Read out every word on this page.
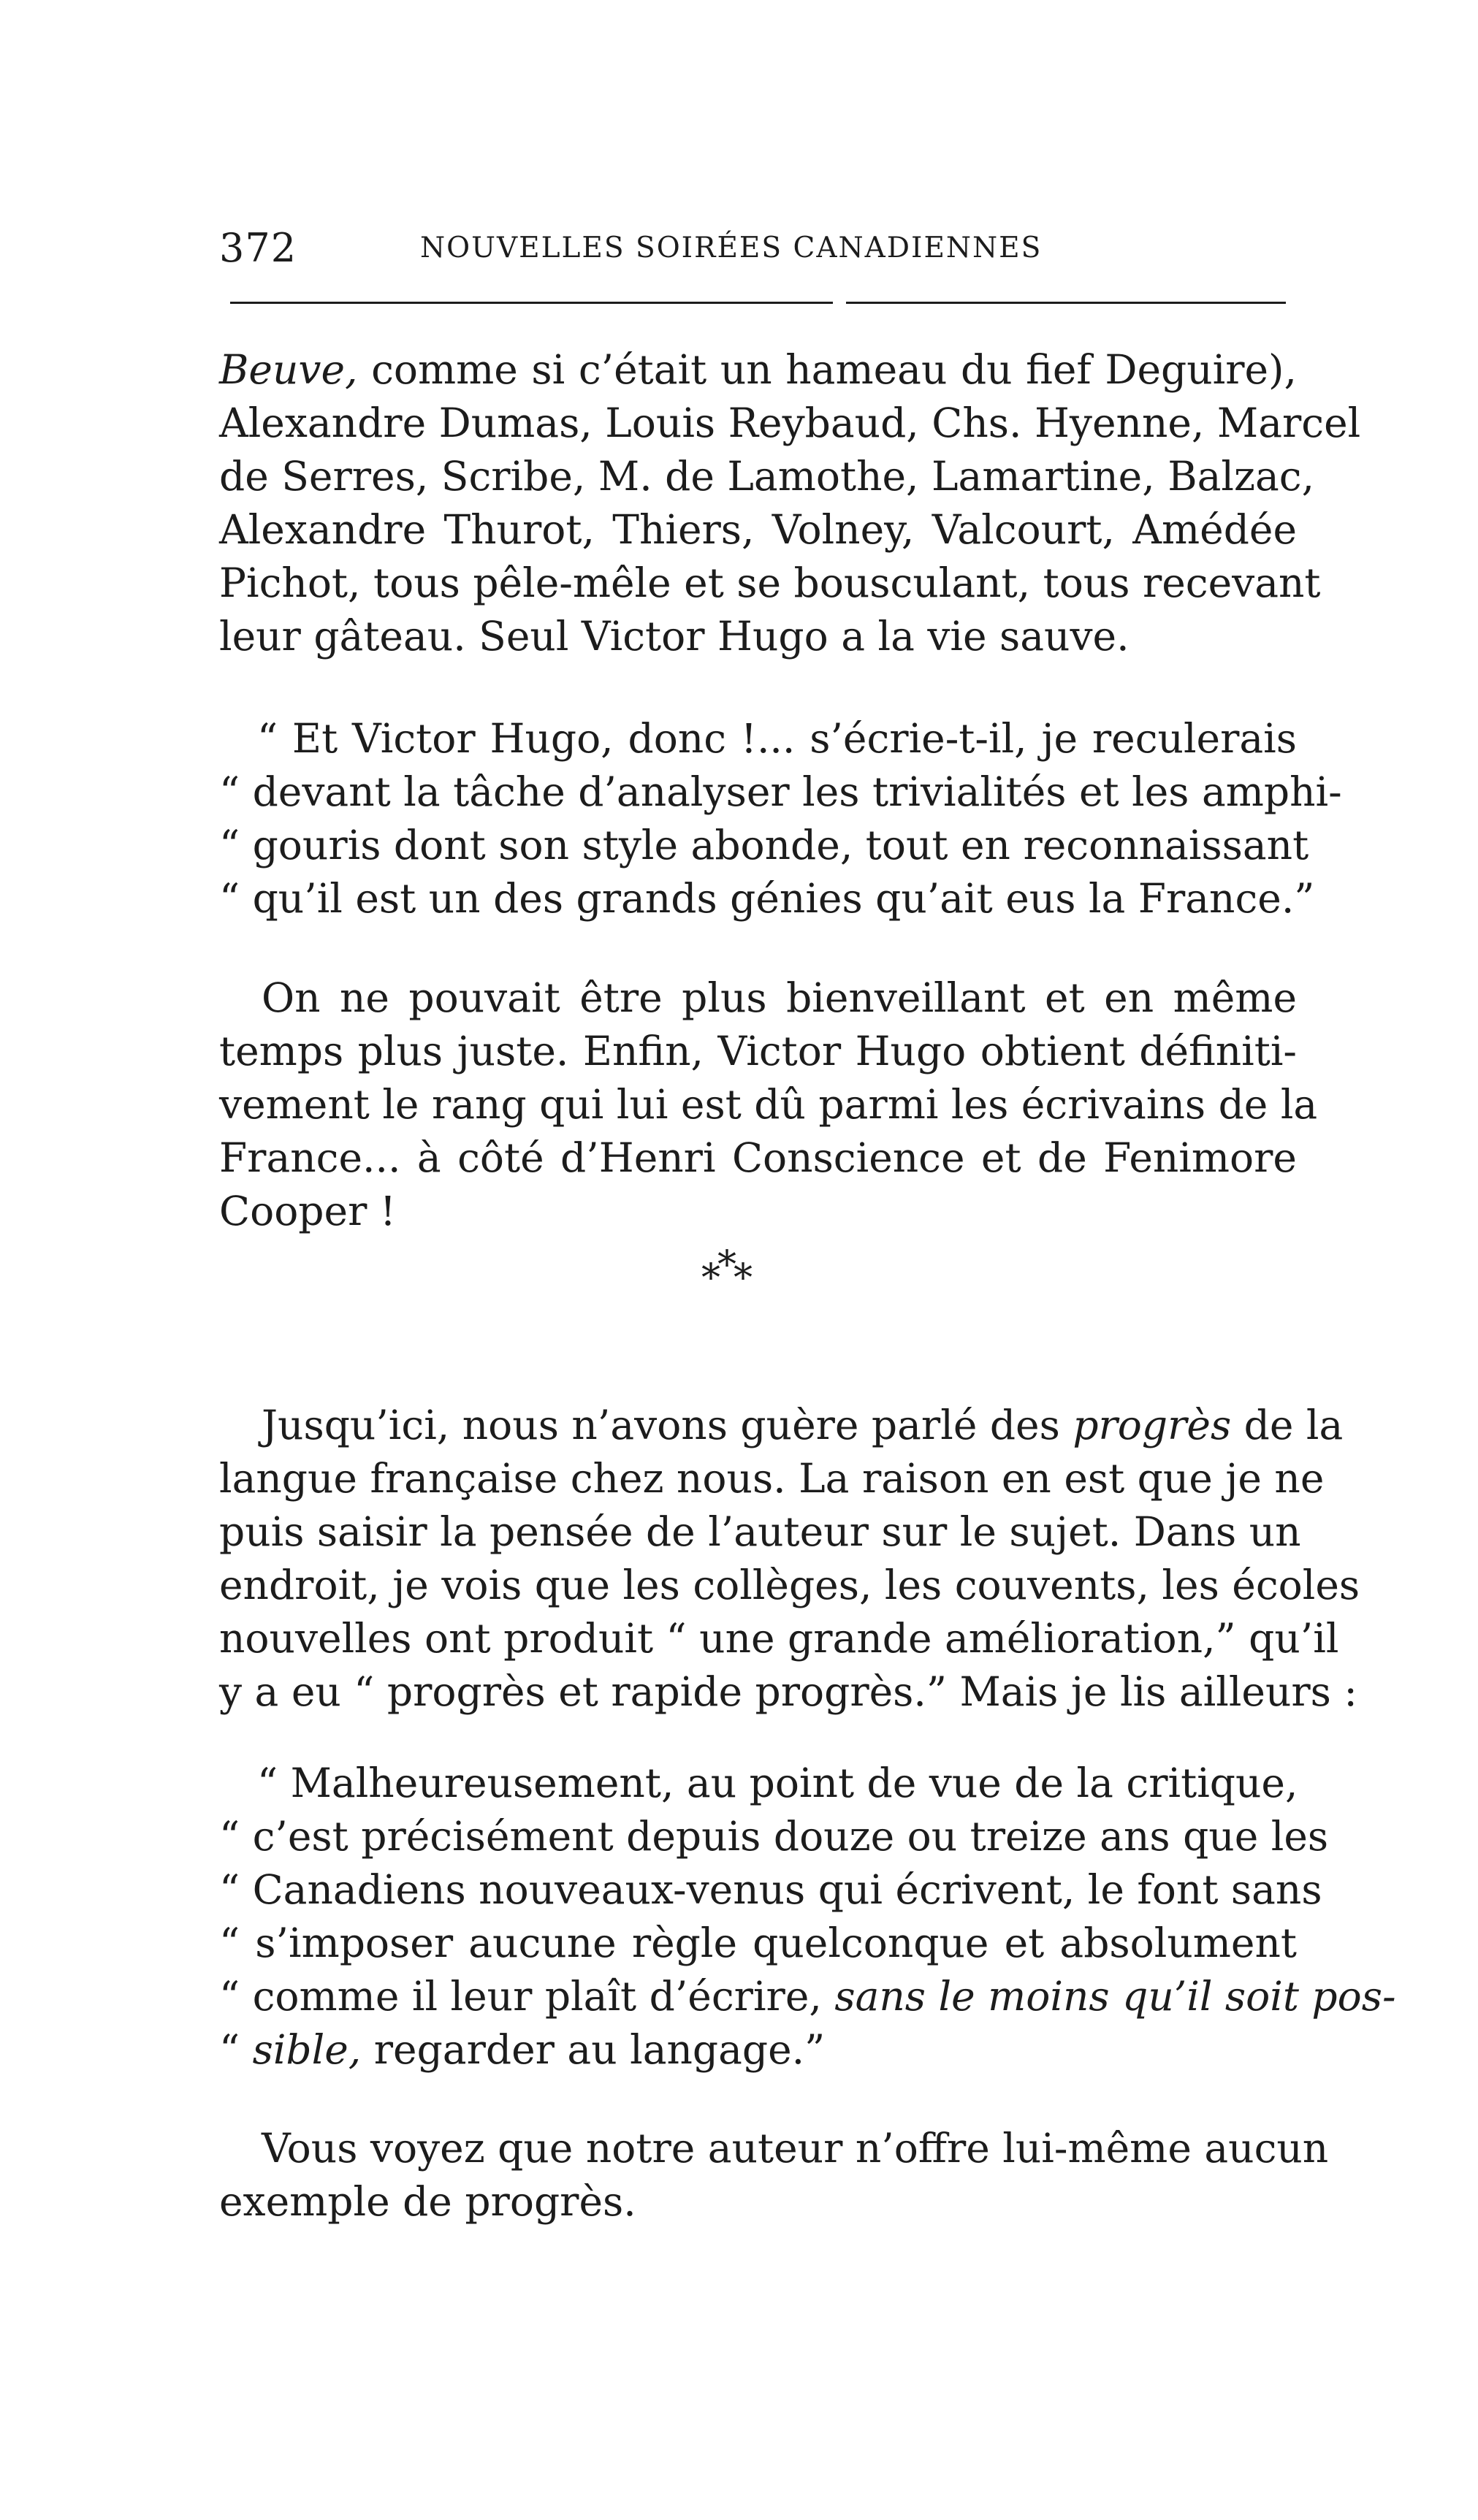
372	NOUVELLES SOIRÉES CANADIENNES

Beuve, comme si c’était un hameau du fief Deguire),
Alexandre Dumas, Louis Reybaud, Chs. Hyenne, Marcel
de Serres, Scribe, M. de Lamothe, Lamartine, Balzac,
Alexandre Thurot, Thiers, Volney, Valcourt, Amédée
Pichot, tous pêle-mêle et se bousculant, tous recevant
leur gâteau. Seul Victor Hugo a la vie sauve.

“ Et Victor Hugo, donc !... s’écrie-t-il, je reculerais
“ devant la tâche d’analyser les trivialités et les amphi-
“ gouris dont son style abonde, tout en reconnaissant
“ qu’il est un des grands génies qu’ait eus la France.”

On ne pouvait être plus bienveillant et en même
temps plus juste. Enfin, Victor Hugo obtient définiti-
vement le rang qui lui est dû parmi les écrivains de la
France... à côté d’Henri Conscience et de Fenimore
Cooper !

***

Jusqu’ici, nous n’avons guère parlé des progrès de la
langue française chez nous. La raison en est que je ne
puis saisir la pensée de l’auteur sur le sujet. Dans un
endroit, je vois que les collèges, les couvents, les écoles
nouvelles ont produit “ une grande amélioration,” qu’il
y a eu “ progrès et rapide progrès.” Mais je lis ailleurs :

“ Malheureusement, au point de vue de la critique,
“ c’est précisément depuis douze ou treize ans que les
“ Canadiens nouveaux-venus qui écrivent, le font sans
“ s’imposer aucune règle quelconque et absolument
“ comme il leur plaît d’écrire, sans le moins qu’il soit pos-
“ sible, regarder au langage.”

Vous voyez que notre auteur n’offre lui-même aucun
exemple de progrès.
